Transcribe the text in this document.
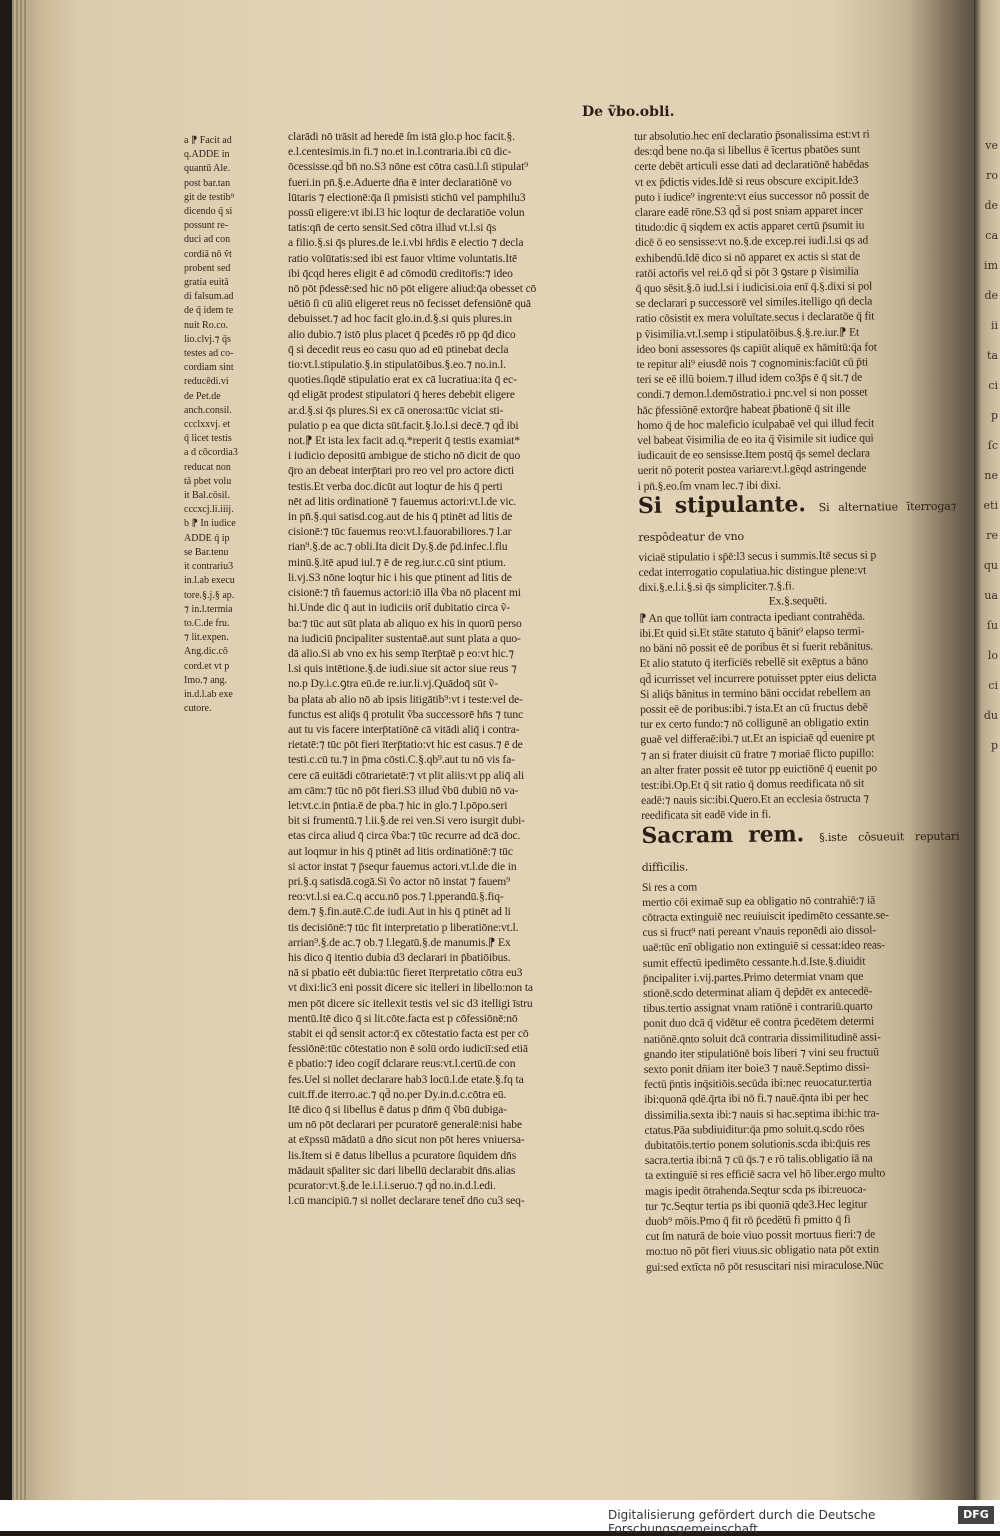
De ṽbo.obli.

a ⁋ Facit ad

q.ADDE in

quantū Ale.

post bar.tan

git de testib⁹

dicendo q̃ si

possunt re-

duci ad con

cordiā nō ṽt

probent sed

gratia euitā

di falsum.ad

de q̄ idem te

nuit Ro.co.

lio.clvj.⁊ q̄s

testes ad co-

cordiam sint

reducēdi.vi

de Pet.de

anch.consil.

ccclxxvj. et

q̄ licet testis

a d cōcordia3

reducat non

tā pbet volu

it Bal.cōsil.

cccxcj.li.iiij.

b ⁋ In iudice

ADDE q̄ ip

se Bar.tenu

it contrariu3

in.l.ab execu

tore.§.j.§ ap.

⁊ in.l.termia

to.C.de fru.

⁊ lit.expen.

Ang.dic.cō

cord.et vt p

Imo.⁊ ang.

in.d.l.ab exe

cutore.

clarādi nō trāsit ad heredē ſm istā glo.p hoc facit.§.

e.l.centesimis.in fi.⁊ no.et in.l.contraria.ibi cū dic-

ōcessisse.qd̄ bn̄ no.S3 nōne est cōtra casū.l.ſi stipulat⁹

fueri.in pn̄.§.e.Aduerte dn̄a ē inter declaratiōnē vo

lūtaris ⁊ electionē:q̄a ſi pmisisti stichū vel pamphilu3

possū eligere:vt ibi.l3 hic loqtur de declaratiōe volun

tatis:qn̄ de certo sensit.Sed cōtra illud vt.l.si q̄s

a filio.§.si q̄s plures.de le.i.vbi hr̄dis ē electio ⁊ decla

ratio volūtatis:sed ibi est fauor vltime voluntatis.Itē

ibi q̄cqd heres eligit ē ad cōmodū creditor̄is:⁊ ideo

nō pōt p̄dessē:sed hic nō pōt eligere aliud:q̄a obesset cō

uētiō ſi cū aliū eligeret reus nō fecisset defensiōnē quā

debuisset.⁊ ad hoc facit glo.in.d.§.si quis plures.in

alio dubio.⁊ istō plus placet q̄ p̄cedēs rō pp q̄d dico

q̄ si decedit reus eo casu quo ad eū ptinebat decla

tio:vt.l.stipulatio.§.in stipulatōibus.§.eo.⁊ no.in.l.

quoties.ſiqdē stipulatio erat ex cā lucratiua:ita q̄ ec-

qd eligāt prodest stipulatori q̄ heres debebit eligere

ar.d.§.si q̄s plures.Si ex cā onerosa:tūc viciat sti-

pulatio p ea que dicta sūt.facit.§.lo.l.si decē.⁊ qd̄ ibi

not.⁋ Et ista lex facit ad.q.*reperit q̄ testis examiat*

i iudicio depositū ambigue de sticho nō dicit de quo

q̄ro an debeat interp̄tari pro reo vel pro actore dicti

testis.Et verba doc.dicūt aut loqtur de his q̄ perti

nēt ad litis ordinationē ⁊ fauemus actori:vt.l.de vic.

in pn̄.§.qui satisd.cog.aut de his q̄ ptinēt ad litis de

cisionē:⁊ tūc fauemus reo:vt.l.fauorabiliores.⁊ l.ar

rian⁹.§.de ac.⁊ obli.Ita dicit Dy.§.de p̄d.infec.l.flu

minū.§.itē apud iul.⁊ ē de reg.iur.c.cū sint ptium.

li.vj.S3 nōne loqtur hic i his que ptinent ad litis de

cisionē:⁊ tñ fauemus actori:iō illa ṽba nō placent mi

hi.Unde dic q̄ aut in iudiciis orit̄ dubitatio circa ṽ-

ba:⁊ tūc aut sūt plata ab aliquo ex his in quorū perso

na iudiciū p̄ncipaliter sustentaē.aut sunt plata a quo-

dā alio.Si ab vno ex his semp īterp̄taē p eo:vt hic.⁊

l.si quis intētione.§.de iudi.siue sit actor siue reus ⁊

no.p Dy.i.c.ꝯtra eū.de re.iur.li.vj.Quādoq̄ sūt ṽ-

ba plata ab alio nō ab ipsis litigātib⁹:vt i teste:vel de-

functus est aliq̄s q̄ protulit ṽba successorē hn̄s ⁊ tunc

aut tu vis facere interp̄tatiōnē cā vitādi aliq̄ i contra-

rietatē:⁊ tūc pōt fieri īterp̄tatio:vt hic est casus.⁊ ē de

testi.c.cū tu.⁊ in p̄ma cōsti.C.§.qb⁹.aut tu nō vis fa-

cere cā euitādi cōtrarietatē:⁊ vt plit aliis:vt pp aliq̄ ali

am cām:⁊ tūc nō pōt fieri.S3 illud ṽbū dubiū nō va-

let:vt.c.in p̄ntia.ē de pba.⁊ hic in glo.⁊ l.pōpo.seri

bit si frumentū.⁊ l.ii.§.de rei ven.Si vero isurgit dubi-

etas circa aliud q̄ circa ṽba:⁊ tūc recurre ad dcā doc.

aut loqmur in his q̄ ptinēt ad litis ordinatiōnē:⁊ tūc

si actor instat ⁊ p̄sequr fauemus actori.vt.l.de die in

pri.§.q satisdā.cogā.Si ṽo actor nō instat ⁊ fauem⁹

reo:vt.l.si ea.C.q accu.nō pos.⁊ l.pperandū.§.fiq-

dem.⁊ §.fin.autē.C.de iudi.Aut in his q̄ ptinēt ad li

tis decisiōnē:⁊ tūc fit interpretatio p liberatiōne:vt.l.

arrian⁹.§.de ac.⁊ ob.⁊ l.legatū.§.de manumis.⁋ Ex

his dico q̄ itentio dubia d3 declarari in p̄batiōibus.

nā si pbatio eēt dubia:tūc fieret īterpretatio cōtra eu3

vt dixi:lic3 eni possit dicere sic itelleri in libello:non ta

men pōt dicere sic itellexit testis vel sic d3 itelligi īstru

mentū.Itē dico q̄ si lit.cōte.facta est p cōfessiōnē:nō

stabit ei qd̄ sensit actor:q̄ ex cōtestatio facta est per cō

fessiōnē:tūc cōtestatio non ē solū ordo iudiciī:sed etiā

ē pbatio:⁊ ideo cogit̄ dclarare reus:vt.l.certū.de con

fes.Uel si nollet declarare hab3 locū.l.de etate.§.fq ta

cuit.ff.de iterro.ac.⁊ qd̄ no.per Dy.in.d.c.cōtra eū.

Itē dico q̄ si libellus ē datus p dn̄m q̄ ṽbū dubiga-

um nō pōt declarari per pcuratorē generalē:nisi habe

at ex̄pssū mādatū a dn̄o sicut non pōt heres vniuersa-

lis.Item si ē datus libellus a pcuratore ſiquidem dn̄s

mādauit sp̄aliter sic dari libellū declarabit dn̄s.alias

pcurator:vt.§.de le.i.l.i.seruo.⁊ qd̄ no.in.d.l.edi.

l.cū mancipiū.⁊ si nollet declarare tenet̄ dn̄o cu3 seq-

tur absolutio.hec enī declaratio p̄sonalissima est:vt ri

des:qd̄ bene no.q̄a si libellus ē īcertus pbatōes sunt

certe debēt articuli esse dati ad declaratiōnē habēdas

vt ex p̄dictis vides.Idē si reus obscure excipit.Ide3

puto i iudice⁹ ingrente:vt eius successor nō possit de

clarare eadē rōne.S3 qd̄ si post sniam apparet incer

titudo:dic q̄ siqdem ex actis apparet certū p̄sumit iu

dicē ō eo sensisse:vt no.§.de excep.rei iudi.l.si qs ad

exhibendū.Idē dico si nō apparet ex actis si stat de

ratōi actor̄is vel rei.ō qd̄ si pōt 3 ꝯstare p ṽisimilia

q̄ quo sēsit.§.ō iud.l.si i iudicisi.oia enī q̄.§.dixi si pol

se declarari p successorē vel similes.itelligo qn̄ decla

ratio cōsistit ex mera voluītate.secus i declaratōe q̄ fit

p ṽisimilia.vt.l.semp i stipulatōibus.§.§.re.iur.⁋ Et

ideo boni assessores q̄s capiūt aliquē ex hāmitū:q̄a fot

te repitur ali⁹ eiusdē nois ⁊ cognominis:faciūt cū p̄ti

teri se eē illū boiem.⁊ illud idem co3p̄s ē q̄ sit.⁊ de

condi.⁊ demon.l.demōstratio.i pnc.vel si non posset

hāc p̄fessiōnē extorq̄re habeat p̄bationē q̄ sit ille

homo q̄ de hoc maleficio iculpabaē vel qui illud fecit

vel babeat ṽisimilia de eo ita q̄ ṽisimile sit iudice qui

iudicauit de eo sensisse.Item postq̄ q̄s semel declara

uerit nō poterit postea variare:vt.l.gēqd astringende

i pn̄.§.eo.ſm vnam lec.⁊ ibi dixi.

Si stipulante. Si alternatiue īterroga⁊ respōdeatur de vno

viciaē stipulatio i sp̄ē:l3 secus i summis.Itē secus si p

cedat interrogatio copulatiua.hic distingue plene:vt

dixi.§.e.l.i.§.si q̄s simpliciter.⁊.§.fi.

Ex.§.sequēti.

⁋ An que tollūt iam contracta ipediant contrahēda.

ibi.Et quid si.Et stāte statuto q̄ bānit⁹ elapso termi-

no bāni nō possit eē de poribus ēt si fuerit rebānitus.

Et alio statuto q̄ iterficiēs rebellē sit exēptus a bāno

qd̄ icurrisset vel incurrere potuisset ppter eius delicta

Si aliq̄s bānitus in termino bāni occidat rebellem an

possit eē de poribus:ibi.⁊ ista.Et an cū fructus debē

tur ex certo fundo:⁊ nō colligunē an obligatio extin

guaē vel differaē:ibi.⁊ ut.Et an ispiciaē qd̄ euenire pt

⁊ an si frater diuisit cū fratre ⁊ moriaē flicto pupillo:

an alter frater possit eē tutor pp euictiōnē q̄ euenit po

test:ibi.Op.Et q̄ sit ratio q̄ domus reedificata nō sit

eadē:⁊ nauis sic:ibi.Quero.Et an ecclesia ōstructa ⁊

reedificata sit eadē vide in fi.

Sacram rem. §.iste cōsueuit reputari difficilis.

Si res a com

mertio cōi eximaē sup ea obligatio nō contrahiē:⁊ iā

cōtracta extinguiē nec reuiuiscit ipedimēto cessante.se-

cus si fruct⁹ nati pereant v'nauis reponēdi aio dissol-

uaē:tūc enī obligatio non extinguiē si cessat:ideo reas-

sumit effectū ipedimēto cessante.h.d.Iste.§.diuidit

p̄ncipaliter i.vij.partes.Primo determiat vnam que

stionē.scdo determinat aliam q̄ dep̄dēt ex antecedē-

tibus.tertio assignat vnam ratiōnē i contrariū.quarto

ponit duo dcā q̄ vidētur eē contra p̄cedētem determi

natiōnē.qnto soluit dcā contraria dissimilitudinē assi-

gnando iter stipulatiōnē bois liberi ⁊ vini seu fructuū

sexto ponit dn̄iam iter boie3 ⁊ nauē.Septimo dissi-

fectū p̄ntis inq̄sitiōis.secūda ibi:nec reuocatur.tertia

ibi:quonā qdē.q̄rta ibi nō fi.⁊ nauē.q̄nta ibi per hec

dissimilia.sexta ibi:⁊ nauis si hac.septima ibi:hic tra-

ctatus.Pāa subdiuiditur:q̄a pmo soluit.q.scdo rōes

dubitatōis.tertio ponem solutionis.scda ibi:q̄uis res

sacra.tertia ibi:nā ⁊ cū q̄s.⁊ e rō talis.obligatio iā na

ta extinguiē si res efficiē sacra vel hō liber.ergo multo

magis ipedit ōtrahenda.Seqtur scda ps ibi:reuoca-

tur ⁊c.Seqtur tertia ps ibi quoniā qde3.Hec legitur

duob⁹ mōis.Pmo q̄ fit rō p̄cedētū fi pmitto q̄ fi

cut ſm naturā de boie viuo possit mortuus fieri:⁊ de

mo:tuo nō pōt fieri viuus.sic obligatio nata pōt extin

gui:sed extīcta nō pōt resuscitari nisi miraculose.Nūc

ve
ro
de
ca
im
de
ii
ta
ci
p
ſc
ne
eti
re
qu
ua
ſu
lo
ci
du
p
Digitalisierung gefördert durch die Deutsche Forschungsgemeinschaft
DFG
